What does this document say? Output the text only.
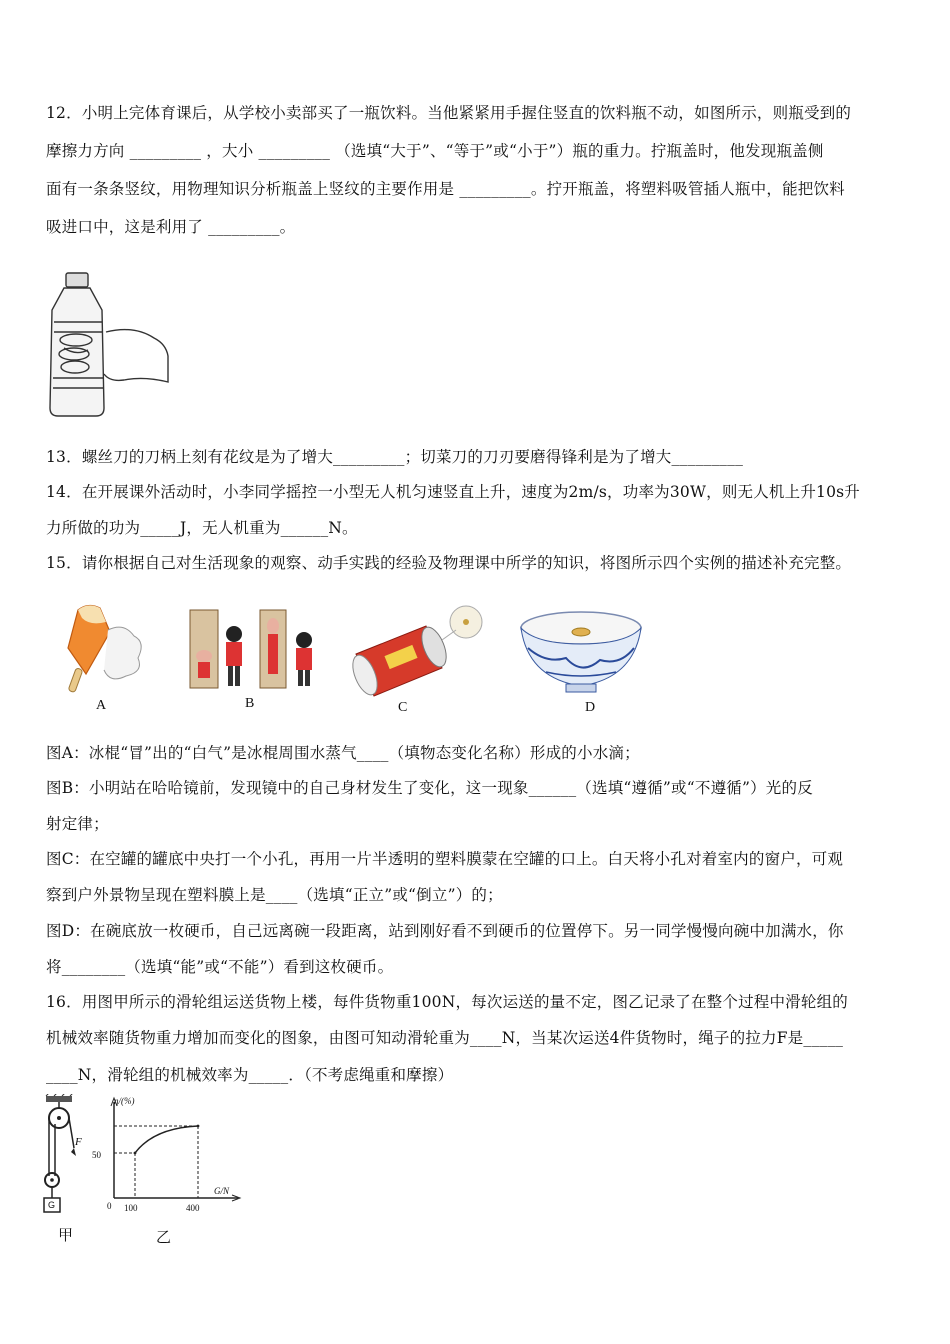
12．小明上完体育课后，从学校小卖部买了一瓶饮料。当他紧紧用手握住竖直的饮料瓶不动，如图所示，则瓶受到的
摩擦力方向 _________ ，大小 _________ （选填“大于”、“等于”或“小于”）瓶的重力。拧瓶盖时，他发现瓶盖侧
面有一条条竖纹，用物理知识分析瓶盖上竖纹的主要作用是 _________。拧开瓶盖，将塑料吸管插人瓶中，能把饮料
吸进口中，这是利用了 _________。
13．螺丝刀的刀柄上刻有花纹是为了增大_________；切菜刀的刀刃要磨得锋利是为了增大_________
14．在开展课外活动时，小李同学摇控一小型无人机匀速竖直上升，速度为2m/s，功率为30W，则无人机上升10s升
力所做的功为_____J，无人机重为______N。
15．请你根据自己对生活现象的观察、动手实践的经验及物理课中所学的知识，将图所示四个实例的描述补充完整。
A	B	C	D
图A：冰棍“冒”出的“白气”是冰棍周围水蒸气____（填物态变化名称）形成的小水滴；
图B：小明站在哈哈镜前，发现镜中的自己身材发生了变化，这一现象______（选填“遵循”或“不遵循”）光的反
射定律；
图C：在空罐的罐底中央打一个小孔，再用一片半透明的塑料膜蒙在空罐的口上。白天将小孔对着室内的窗户，可观
察到户外景物呈现在塑料膜上是____（选填“正立”或“倒立”）的；
图D：在碗底放一枚硬币，自己远离碗一段距离，站到刚好看不到硬币的位置停下。另一同学慢慢向碗中加满水，你
将________（选填“能”或“不能”）看到这枚硬币。
16．用图甲所示的滑轮组运送货物上楼，每件货物重100N，每次运送的量不定，图乙记录了在整个过程中滑轮组的
机械效率随货物重力增加而变化的图象，由图可知动滑轮重为____N，当某次运送4件货物时，绳子的拉力F是_____
____N，滑轮组的机械效率为_____．（不考虑绳重和摩擦）
F
G
甲
η/(%)
50
0 100	400
G/N
乙
